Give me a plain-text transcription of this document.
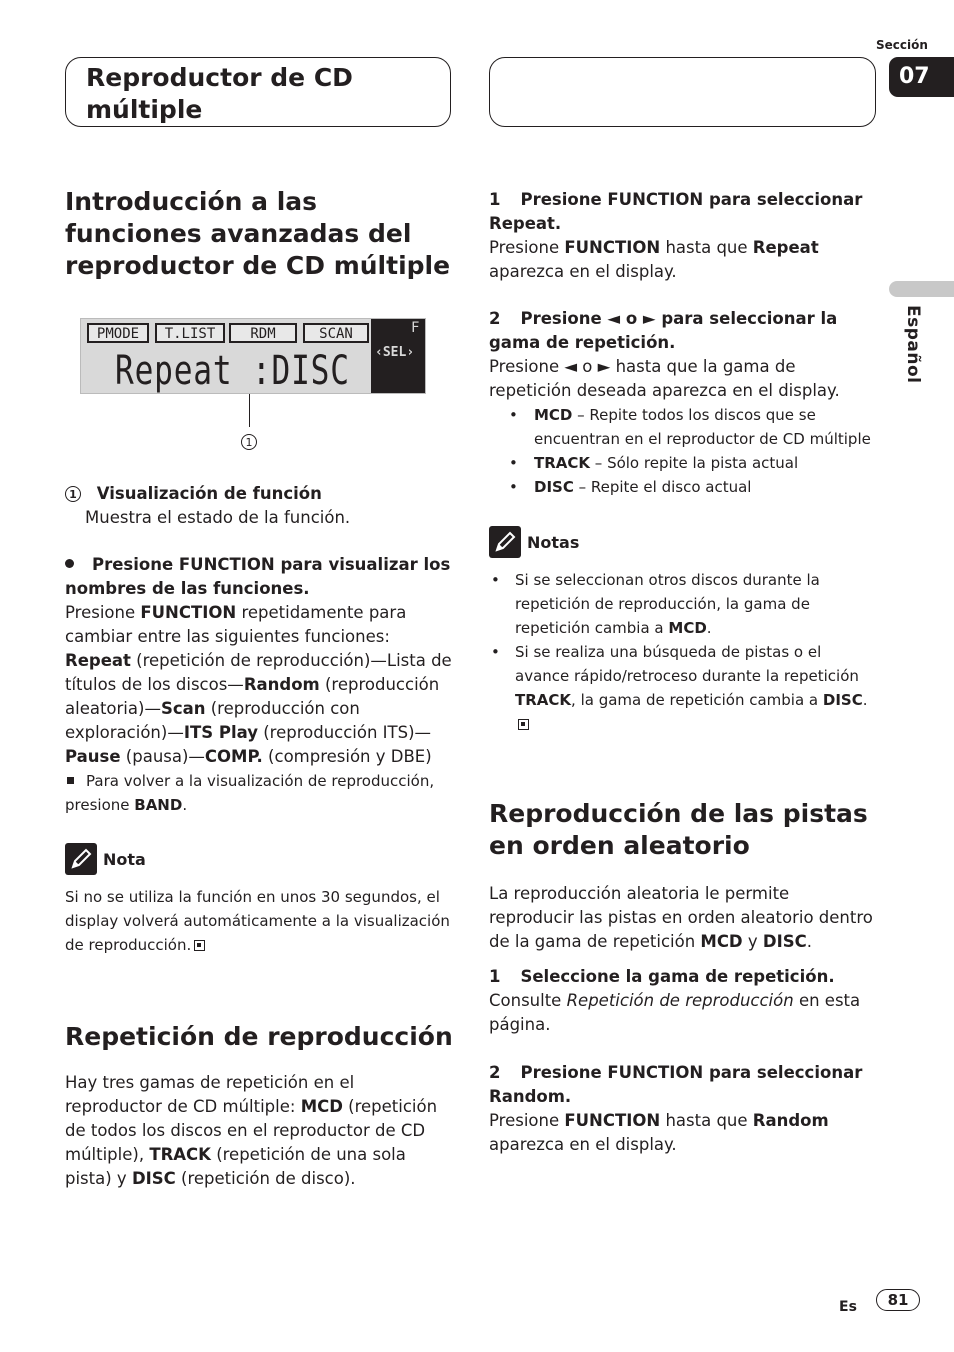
Reproductor de CD múltiple
Sección
07
Español
Introducción a las funciones avanzadas del reproductor de CD múltiple
PMODE	T.LIST	RDM	SCAN	F
‹SEL›
Repeat :DISC
1

1 Visualización de función

Muestra el estado de la función.

Presione FUNCTION para visualizar los nombres de las funciones.

Presione FUNCTION repetidamente para cambiar entre las siguientes funciones:

Repeat (repetición de reproducción)—Lista de títulos de los discos—Random (reproducción aleatoria)—Scan (reproducción con exploración)—ITS Play (reproducción ITS)—Pause (pausa)—COMP. (compresión y DBE)

Para volver a la visualización de reproducción, presione BAND.

Nota

Si no se utiliza la función en unos 30 segundos, el display volverá automáticamente a la visualización de reproducción.

Repetición de reproducción

Hay tres gamas de repetición en el reproductor de CD múltiple: MCD (repetición de todos los discos en el reproductor de CD múltiple), TRACK (repetición de una sola pista) y DISC (repetición de disco).

1 Presione FUNCTION para seleccionar Repeat.

Presione FUNCTION hasta que Repeat aparezca en el display.

2 Presione ◄ o ► para seleccionar la gama de repetición.

Presione ◄ o ► hasta que la gama de repetición deseada aparezca en el display.

• MCD – Repite todos los discos que se encuentran en el reproductor de CD múltiple
• TRACK – Sólo repite la pista actual
• DISC – Repite el disco actual
Notas
• Si se seleccionan otros discos durante la repetición de reproducción, la gama de repetición cambia a MCD.
• Si se realiza una búsqueda de pistas o el avance rápido/retroceso durante la repetición TRACK, la gama de repetición cambia a DISC.
Reproducción de las pistas en orden aleatorio

La reproducción aleatoria le permite reproducir las pistas en orden aleatorio dentro de la gama de repetición MCD y DISC.

1 Seleccione la gama de repetición.

Consulte Repetición de reproducción en esta página.

2 Presione FUNCTION para seleccionar Random.

Presione FUNCTION hasta que Random aparezca en el display.

Es	81
